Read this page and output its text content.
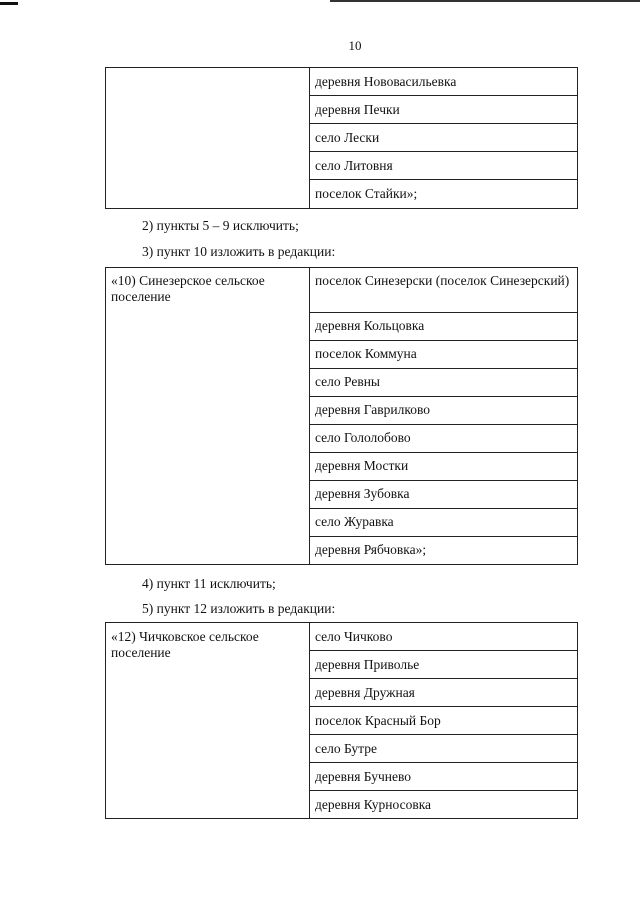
10
	деревня Нововасильевка
деревня Печки
село Лески
село Литовня
поселок Стайки»;
2) пункты 5 – 9 исключить;
3) пункт 10 изложить в редакции:
«10) Синезерское сельское поселение	поселок Синезерски (поселок Синезерский)
деревня Кольцовка
поселок Коммуна
село Ревны
деревня Гаврилково
село Гололобово
деревня Мостки
деревня Зубовка
село Журавка
деревня Рябчовка»;
4) пункт 11 исключить;
5) пункт 12 изложить в редакции:
«12) Чичковское сельское поселение	село Чичково
деревня Приволье
деревня Дружная
поселок Красный Бор
село Бутре
деревня Бучнево
деревня Курносовка
